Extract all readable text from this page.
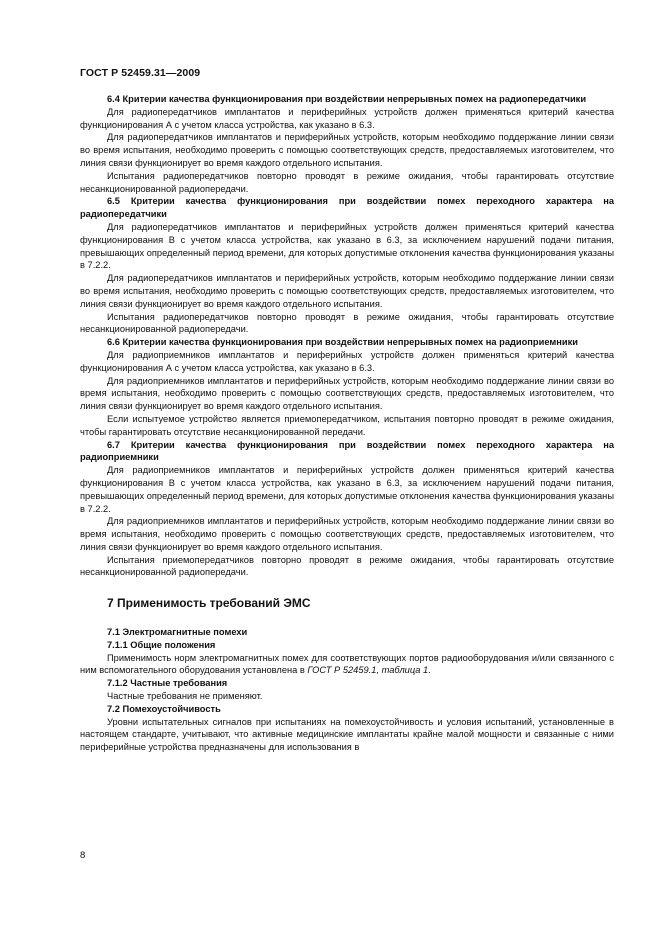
ГОСТ Р 52459.31—2009

6.4 Критерии качества функционирования при воздействии непрерывных помех на радиопередатчики

Для радиопередатчиков имплантатов и периферийных устройств должен применяться критерий качества функционирования А с учетом класса устройства, как указано в 6.3.

Для радиопередатчиков имплантатов и периферийных устройств, которым необходимо поддержание линии связи во время испытания, необходимо проверить с помощью соответствующих средств, предоставляемых изготовителем, что линия связи функционирует во время каждого отдельного испытания.

Испытания радиопередатчиков повторно проводят в режиме ожидания, чтобы гарантировать отсутствие несанкционированной радиопередачи.

6.5 Критерии качества функционирования при воздействии помех переходного характера на радиопередатчики

Для радиопередатчиков имплантатов и периферийных устройств должен применяться критерий качества функционирования В с учетом класса устройства, как указано в 6.3, за исключением нарушений подачи питания, превышающих определенный период времени, для которых допустимые отклонения качества функционирования указаны в 7.2.2.

Для радиопередатчиков имплантатов и периферийных устройств, которым необходимо поддержание линии связи во время испытания, необходимо проверить с помощью соответствующих средств, предоставляемых изготовителем, что линия связи функционирует во время каждого отдельного испытания.

Испытания радиопередатчиков повторно проводят в режиме ожидания, чтобы гарантировать отсутствие несанкционированной радиопередачи.

6.6 Критерии качества функционирования при воздействии непрерывных помех на радиоприемники

Для радиоприемников имплантатов и периферийных устройств должен применяться критерий качества функционирования А с учетом класса устройства, как указано в 6.3.

Для радиоприемников имплантатов и периферийных устройств, которым необходимо поддержание линии связи во время испытания, необходимо проверить с помощью соответствующих средств, предоставляемых изготовителем, что линия связи функционирует во время каждого отдельного испытания.

Если испытуемое устройство является приемопередатчиком, испытания повторно проводят в режиме ожидания, чтобы гарантировать отсутствие несанкционированной передачи.

6.7 Критерии качества функционирования при воздействии помех переходного характера на радиоприемники

Для радиоприемников имплантатов и периферийных устройств должен применяться критерий качества функционирования В с учетом класса устройства, как указано в 6.3, за исключением нарушений подачи питания, превышающих определенный период времени, для которых допустимые отклонения качества функционирования указаны в 7.2.2.

Для радиоприемников имплантатов и периферийных устройств, которым необходимо поддержание линии связи во время испытания, необходимо проверить с помощью соответствующих средств, предоставляемых изготовителем, что линия связи функционирует во время каждого отдельного испытания.

Испытания приемопередатчиков повторно проводят в режиме ожидания, чтобы гарантировать отсутствие несанкционированной радиопередачи.

7 Применимость требований ЭМС

7.1 Электромагнитные помехи

7.1.1 Общие положения

Применимость норм электромагнитных помех для соответствующих портов радиооборудования и/или связанного с ним вспомогательного оборудования установлена в ГОСТ Р 52459.1, таблица 1.

7.1.2 Частные требования

Частные требования не применяют.

7.2 Помехоустойчивость

Уровни испытательных сигналов при испытаниях на помехоустойчивость и условия испытаний, установленные в настоящем стандарте, учитывают, что активные медицинские имплантаты крайне малой мощности и связанные с ними периферийные устройства предназначены для использования в

8
